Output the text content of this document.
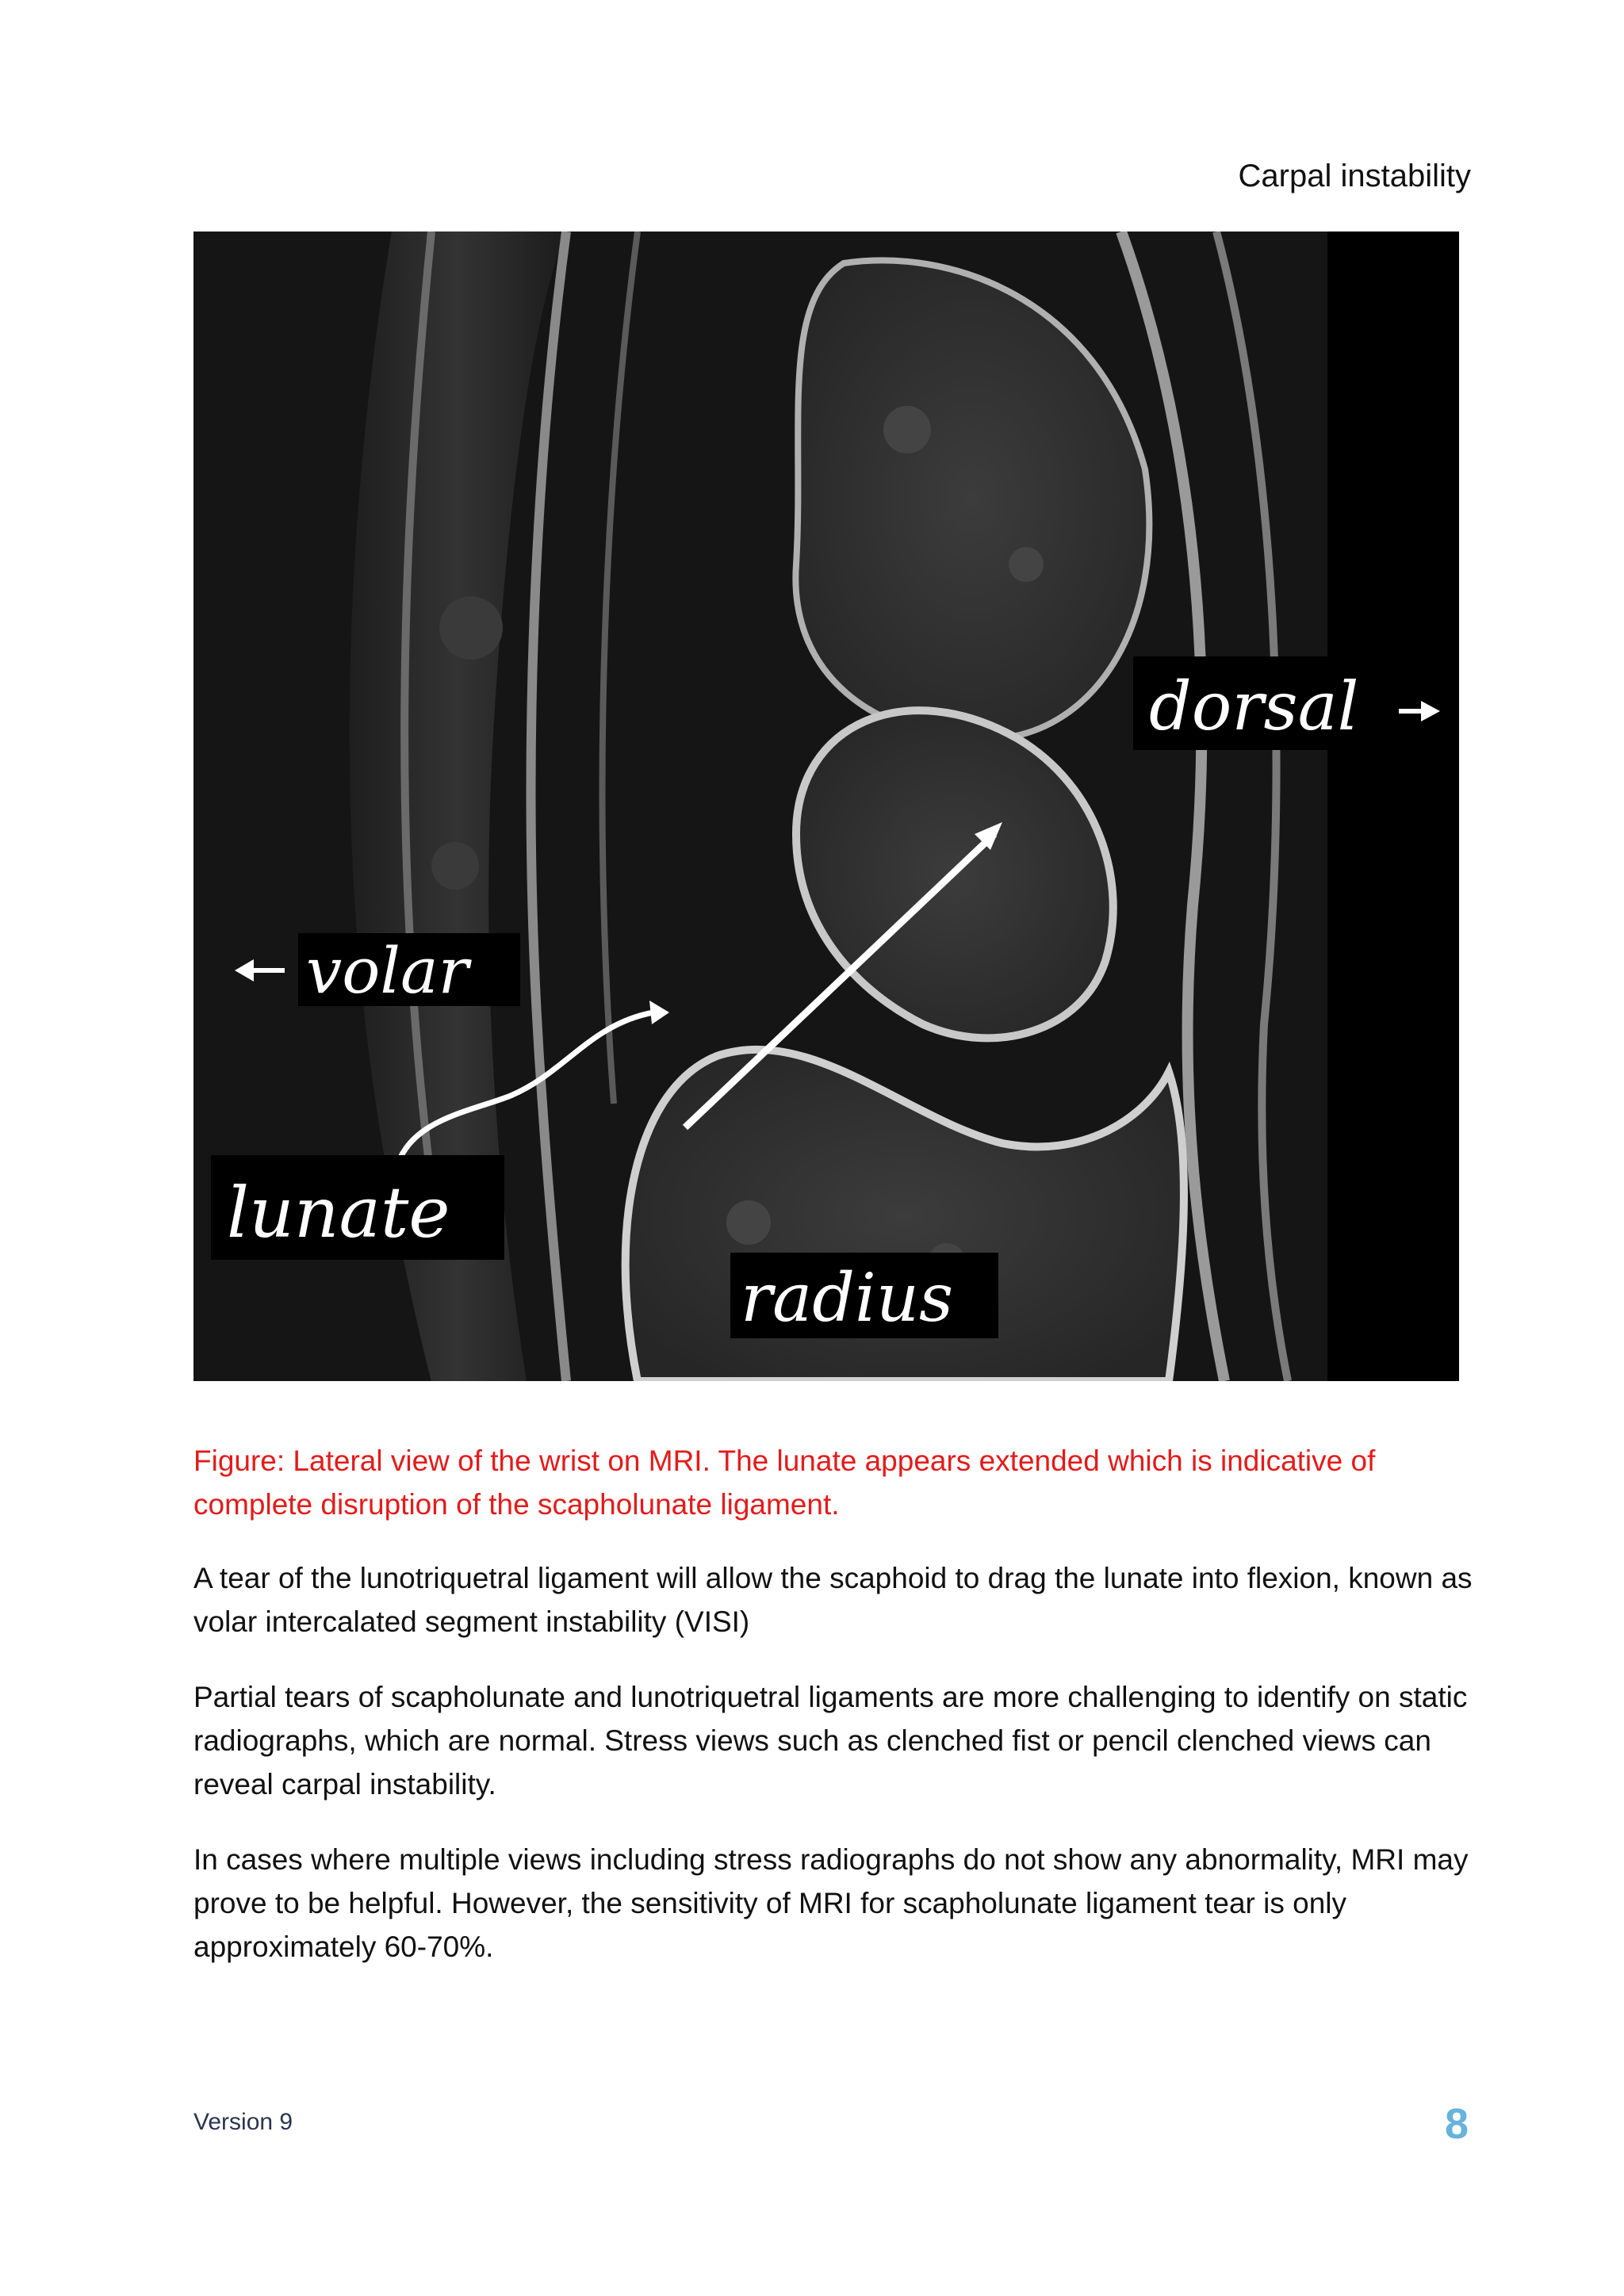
Carpal instability
dorsal
volar
lunate
radius
Figure: Lateral view of the wrist on MRI. The lunate appears extended which is indicative of complete disruption of the scapholunate ligament.
A tear of the lunotriquetral ligament will allow the scaphoid to drag the lunate into flexion, known as volar intercalated segment instability (VISI)
Partial tears of scapholunate and lunotriquetral ligaments are more challenging to identify on static radiographs, which are normal. Stress views such as clenched fist or pencil clenched views can reveal carpal instability.
In cases where multiple views including stress radiographs do not show any abnormality, MRI may prove to be helpful. However, the sensitivity of MRI for scapholunate ligament tear is only approximately 60-70%.
Version 9	8
